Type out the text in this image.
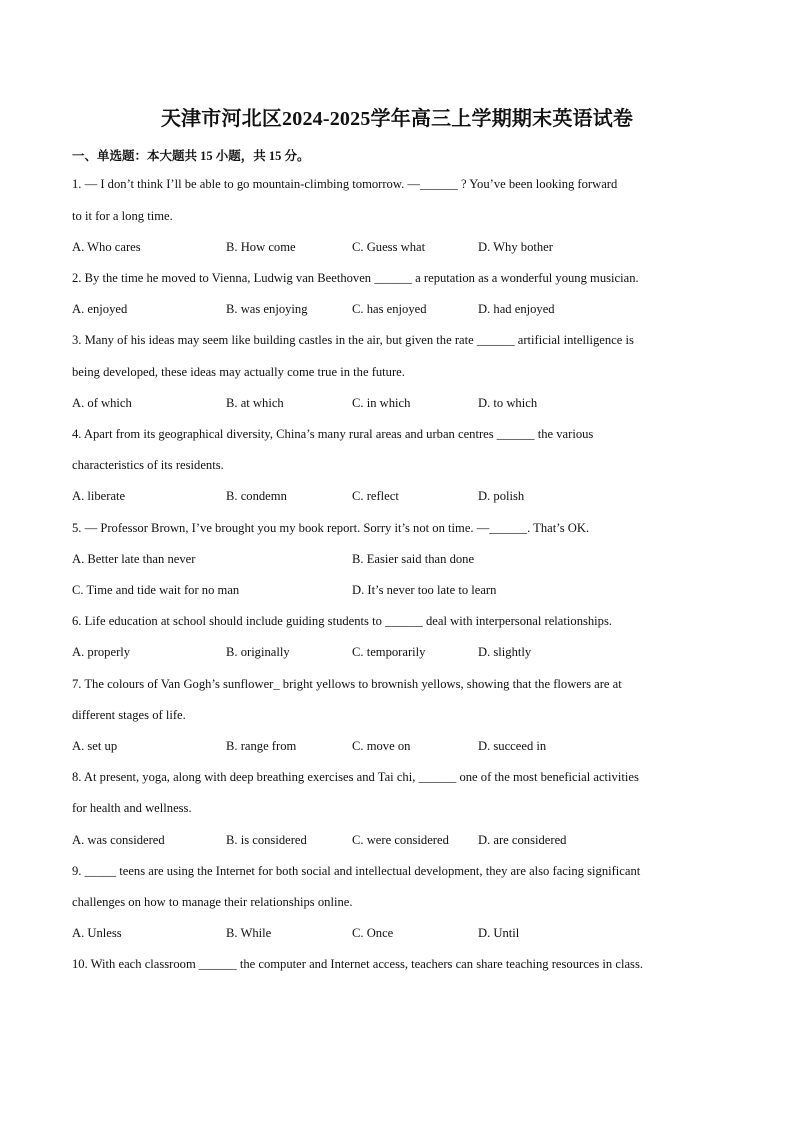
天津市河北区2024-2025学年高三上学期期末英语试卷
一、单选题：本大题共 15 小题，共 15 分。
1. — I don’t think I’ll be able to go mountain-climbing tomorrow. —______ ? You’ve been looking forward
to it for a long time.
A. Who cares	B. How come	C. Guess what	D. Why bother
2. By the time he moved to Vienna, Ludwig van Beethoven ______ a reputation as a wonderful young musician.
A. enjoyed	B. was enjoying	C. has enjoyed	D. had enjoyed
3. Many of his ideas may seem like building castles in the air, but given the rate ______ artificial intelligence is
being developed, these ideas may actually come true in the future.
A. of which	B. at which	C. in which	D. to which
4. Apart from its geographical diversity, China’s many rural areas and urban centres ______ the various
characteristics of its residents.
A. liberate	B. condemn	C. reflect	D. polish
5. — Professor Brown, I’ve brought you my book report. Sorry it’s not on time. —______. That’s OK.
A. Better late than never	B. Easier said than done
C. Time and tide wait for no man	D. It’s never too late to learn
6. Life education at school should include guiding students to ______ deal with interpersonal relationships.
A. properly	B. originally	C. temporarily	D. slightly
7. The colours of Van Gogh’s sunflower_ bright yellows to brownish yellows, showing that the flowers are at
different stages of life.
A. set up	B. range from	C. move on	D. succeed in
8. At present, yoga, along with deep breathing exercises and Tai chi, ______ one of the most beneficial activities
for health and wellness.
A. was considered	B. is considered	C. were considered D. are considered
9. _____ teens are using the Internet for both social and intellectual development, they are also facing significant
challenges on how to manage their relationships online.
A. Unless	B. While	C. Once	D. Until
10. With each classroom ______ the computer and Internet access, teachers can share teaching resources in class.
